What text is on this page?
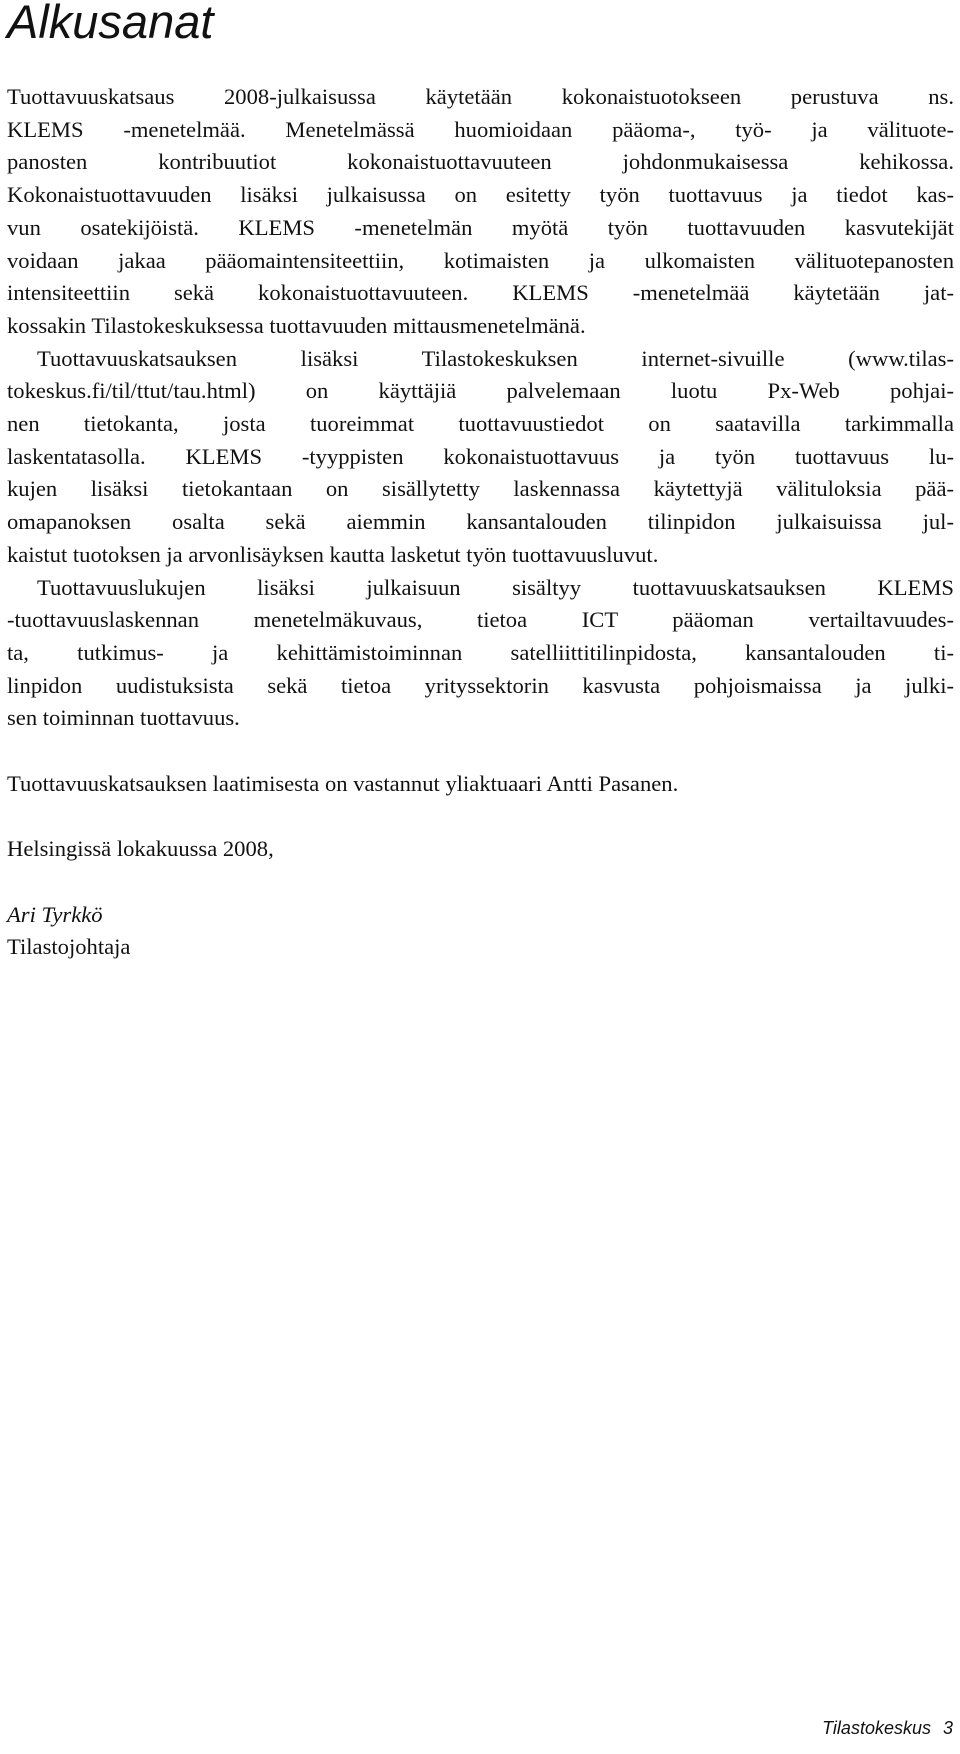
Alkusanat
Tuottavuuskatsaus 2008-julkaisussa käytetään kokonaistuotokseen perustuva ns.
KLEMS -menetelmää. Menetelmässä huomioidaan pääoma-, työ- ja välituote-
panosten kontribuutiot kokonaistuottavuuteen johdonmukaisessa kehikossa.
Kokonaistuottavuuden lisäksi julkaisussa on esitetty työn tuottavuus ja tiedot kas-
vun osatekijöistä. KLEMS -menetelmän myötä työn tuottavuuden kasvutekijät
voidaan jakaa pääomaintensiteettiin, kotimaisten ja ulkomaisten välituotepanosten
intensiteettiin sekä kokonaistuottavuuteen. KLEMS -menetelmää käytetään jat-
kossakin Tilastokeskuksessa tuottavuuden mittausmenetelmänä.
Tuottavuuskatsauksen lisäksi Tilastokeskuksen internet-sivuille (www.tilas-
tokeskus.fi/til/ttut/tau.html) on käyttäjiä palvelemaan luotu Px-Web pohjai-
nen tietokanta, josta tuoreimmat tuottavuustiedot on saatavilla tarkimmalla
laskentatasolla. KLEMS -tyyppisten kokonaistuottavuus ja työn tuottavuus lu-
kujen lisäksi tietokantaan on sisällytetty laskennassa käytettyjä välituloksia pää-
omapanoksen osalta sekä aiemmin kansantalouden tilinpidon julkaisuissa jul-
kaistut tuotoksen ja arvonlisäyksen kautta lasketut työn tuottavuusluvut.
Tuottavuuslukujen lisäksi julkaisuun sisältyy tuottavuuskatsauksen KLEMS
-tuottavuuslaskennan menetelmäkuvaus, tietoa ICT pääoman vertailtavuudes-
ta, tutkimus- ja kehittämistoiminnan satelliittitilinpidosta, kansantalouden ti-
linpidon uudistuksista sekä tietoa yrityssektorin kasvusta pohjoismaissa ja julki-
sen toiminnan tuottavuus.
Tuottavuuskatsauksen laatimisesta on vastannut yliaktuaari Antti Pasanen.
Helsingissä lokakuussa 2008,
Ari Tyrkkö
Tilastojohtaja
Tilastokeskus 3
